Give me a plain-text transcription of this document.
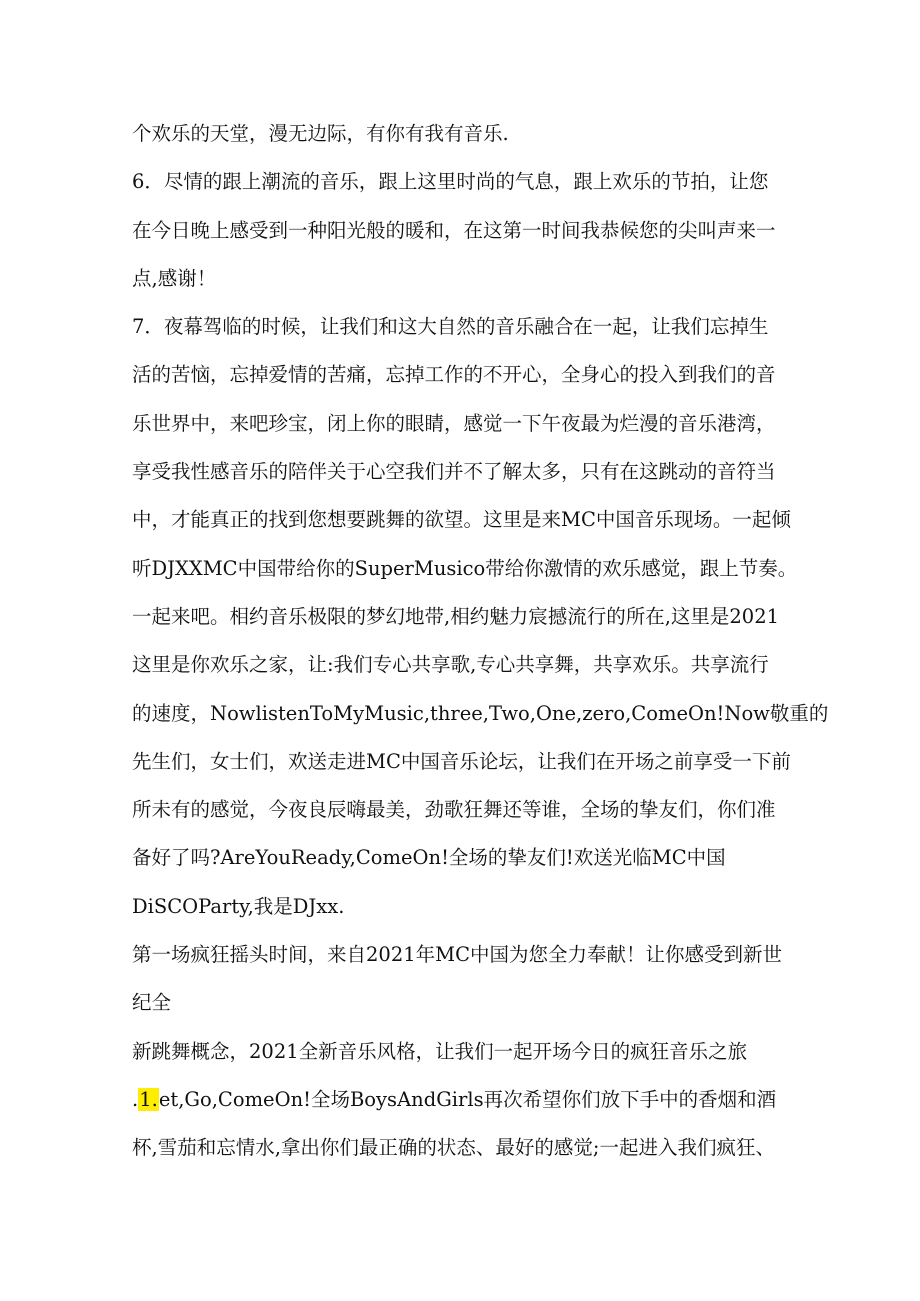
个欢乐的天堂，漫无边际，有你有我有音乐.
6．尽情的跟上潮流的音乐，跟上这里时尚的气息，跟上欢乐的节拍，让您
在今日晚上感受到一种阳光般的暖和，在这第一时间我恭候您的尖叫声来一
点,感谢！
7．夜幕驾临的时候，让我们和这大自然的音乐融合在一起，让我们忘掉生
活的苦恼，忘掉爱情的苦痛，忘掉工作的不开心，全身心的投入到我们的音
乐世界中，来吧珍宝，闭上你的眼睛，感觉一下午夜最为烂漫的音乐港湾，
享受我性感音乐的陪伴关于心空我们并不了解太多，只有在这跳动的音符当
中，才能真正的找到您想要跳舞的欲望。这里是来MC中国音乐现场。一起倾
听DJXXMC中国带给你的SuperMusico带给你激情的欢乐感觉，跟上节奏。
一起来吧。相约音乐极限的梦幻地带,相约魅力宸撼流行的所在,这里是2021
这里是你欢乐之家，让:我们专心共享歌,专心共享舞，共享欢乐。共享流行
的速度，NowlistenToMyMusic,three,Two,One,zero,ComeOn!Now敬重的
先生们，女士们，欢送走进MC中国音乐论坛，让我们在开场之前享受一下前
所未有的感觉，今夜良辰嗨最美，劲歌狂舞还等谁，全场的挚友们，你们准
备好了吗?AreYouReady,ComeOn!全场的挚友们!欢送光临MC中国
DiSCOParty,我是DJxx.
第一场疯狂摇头时间，来自2021年MC中国为您全力奉献！让你感受到新世
纪全
新跳舞概念，2021全新音乐风格，让我们一起开场今日的疯狂音乐之旅
.1.et,Go,ComeOn!全场BoysAndGirls再次希望你们放下手中的香烟和酒
杯,雪茄和忘情水,拿出你们最正确的状态、最好的感觉;一起进入我们疯狂、
